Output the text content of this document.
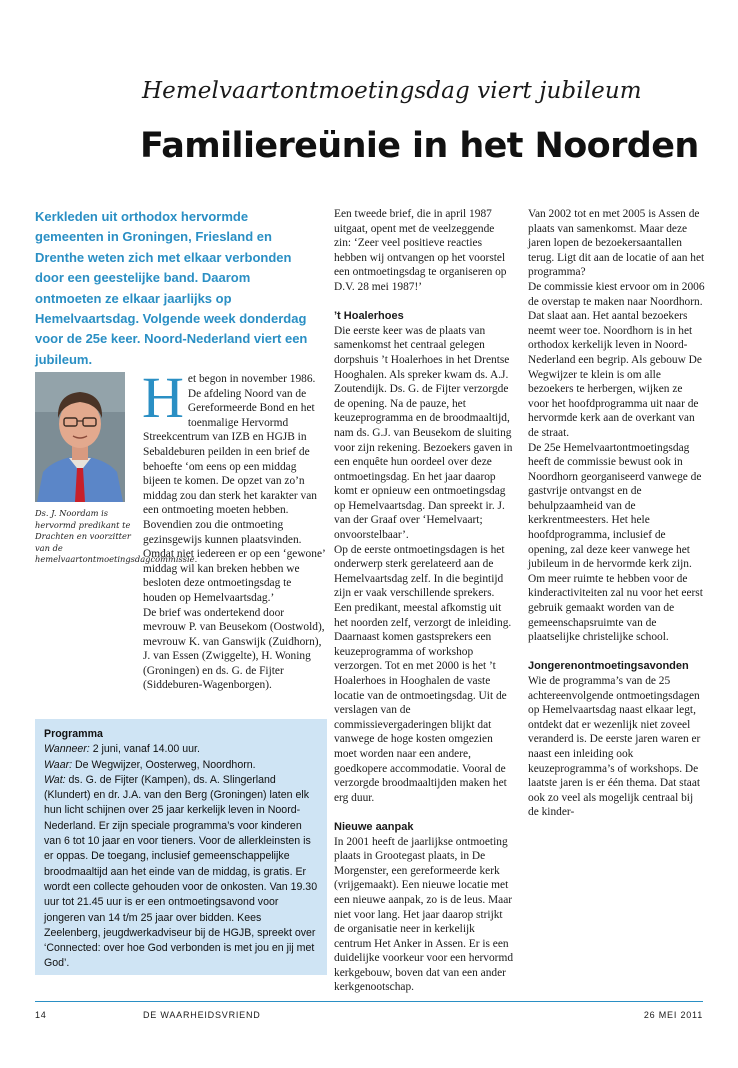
Hemelvaartontmoetingsdag viert jubileum
Familiereünie in het Noorden

Kerkleden uit orthodox hervormde gemeenten in Groningen, Friesland en Drenthe weten zich met elkaar verbonden door een geestelijke band. Daarom ontmoeten ze elkaar jaarlijks op Hemelvaartsdag. Volgende week donderdag voor de 25e keer. Noord-Nederland viert een jubileum.

Ds. J. Noordam is hervormd predikant te Drachten en voorzitter van de hemelvaartontmoetingsdagcommissie.

H et begon in november 1986. De afdeling Noord van de Gereformeerde Bond en het toenmalige Hervormd Streekcentrum van IZB en HGJB in Sebaldeburen peilden in een brief de behoefte ‘om eens op een middag bijeen te komen. De opzet van zo’n middag zou dan sterk het karakter van een ontmoeting moeten hebben. Bovendien zou die ontmoeting gezinsgewijs kunnen plaatsvinden. Omdat niet iedereen er op een ‘gewone’ middag wil kan breken hebben we besloten deze ontmoetingsdag te houden op Hemelvaartsdag.’

De brief was ondertekend door mevrouw P. van Beusekom (Oostwold), mevrouw K. van Ganswijk (Zuidhorn), J. van Essen (Zwiggelte), H. Woning (Groningen) en ds. G. de Fijter (Siddeburen-Wagenborgen).

Een tweede brief, die in april 1987 uitgaat, opent met de veelzeggende zin: ‘Zeer veel positieve reacties hebben wij ontvangen op het voorstel een ontmoetingsdag te organiseren op D.V. 28 mei 1987!’

’t Hoalerhoes

Die eerste keer was de plaats van samenkomst het centraal gelegen dorpshuis ’t Hoalerhoes in het Drentse Hooghalen. Als spreker kwam ds. A.J. Zoutendijk. Ds. G. de Fijter verzorgde de opening. Na de pauze, het keuzeprogramma en de broodmaaltijd, nam ds. G.J. van Beusekom de sluiting voor zijn rekening. Bezoekers gaven in een enquête hun oordeel over deze ontmoetingsdag. En het jaar daarop komt er opnieuw een ontmoetingsdag op Hemelvaartsdag. Dan spreekt ir. J. van der Graaf over ‘Hemelvaart; onvoorstelbaar’.

Op de eerste ontmoetingsdagen is het onderwerp sterk gerelateerd aan de Hemelvaartsdag zelf. In die begintijd zijn er vaak verschillende sprekers. Een predikant, meestal afkomstig uit het noorden zelf, verzorgt de inleiding. Daarnaast komen gastsprekers een keuzeprogramma of workshop verzorgen. Tot en met 2000 is het ’t Hoalerhoes in Hooghalen de vaste locatie van de ontmoetingsdag. Uit de verslagen van de commissievergaderingen blijkt dat vanwege de hoge kosten omgezien moet worden naar een andere, goedkopere accommodatie. Vooral de verzorgde broodmaaltijden maken het erg duur.

Nieuwe aanpak

In 2001 heeft de jaarlijkse ontmoeting plaats in Grootegast plaats, in De Morgenster, een gereformeerde kerk (vrijgemaakt). Een nieuwe locatie met een nieuwe aanpak, zo is de leus. Maar niet voor lang. Het jaar daarop strijkt de organisatie neer in kerkelijk centrum Het Anker in Assen. Er is een duidelijke voorkeur voor een hervormd kerkgebouw, boven dat van een ander kerkgenootschap.

Van 2002 tot en met 2005 is Assen de plaats van samenkomst. Maar deze jaren lopen de bezoekersaantallen terug. Ligt dit aan de locatie of aan het programma?

De commissie kiest ervoor om in 2006 de overstap te maken naar Noordhorn. Dat slaat aan. Het aantal bezoekers neemt weer toe. Noordhorn is in het orthodox kerkelijk leven in Noord-Nederland een begrip. Als gebouw De Wegwijzer te klein is om alle bezoekers te herbergen, wijken ze voor het hoofdprogramma uit naar de hervormde kerk aan de overkant van de straat.

De 25e Hemelvaartontmoetingsdag heeft de commissie bewust ook in Noordhorn georganiseerd vanwege de gastvrije ontvangst en de behulpzaamheid van de kerkrentmeesters. Het hele hoofdprogramma, inclusief de opening, zal deze keer vanwege het jubileum in de hervormde kerk zijn. Om meer ruimte te hebben voor de kinderactiviteiten zal nu voor het eerst gebruik gemaakt worden van de gemeenschapsruimte van de plaatselijke christelijke school.

Jongerenontmoetingsavonden

Wie de programma’s van de 25 achtereenvolgende ontmoetingsdagen op Hemelvaartsdag naast elkaar legt, ontdekt dat er wezenlijk niet zoveel veranderd is. De eerste jaren waren er naast een inleiding ook keuzeprogramma’s of workshops. De laatste jaren is er één thema. Dat staat ook zo veel als mogelijk centraal bij de kinder-

Programma

Wanneer: 2 juni, vanaf 14.00 uur.

Waar: De Wegwijzer, Oosterweg, Noordhorn.

Wat: ds. G. de Fijter (Kampen), ds. A. Slingerland (Klundert) en dr. J.A. van den Berg (Groningen) laten elk hun licht schijnen over 25 jaar kerkelijk leven in Noord-Nederland. Er zijn speciale programma’s voor kinderen van 6 tot 10 jaar en voor tieners. Voor de allerkleinsten is er oppas. De toegang, inclusief gemeenschappelijke broodmaaltijd aan het einde van de middag, is gratis. Er wordt een collecte gehouden voor de onkosten. Van 19.30 uur tot 21.45 uur is er een ontmoetingsavond voor jongeren van 14 t/m 25 jaar over bidden. Kees Zeelenberg, jeugdwerkadviseur bij de HGJB, spreekt over ‘Connected: over hoe God verbonden is met jou en jij met God’.

14	DE WAARHEIDSVRIEND	26 MEI 2011
